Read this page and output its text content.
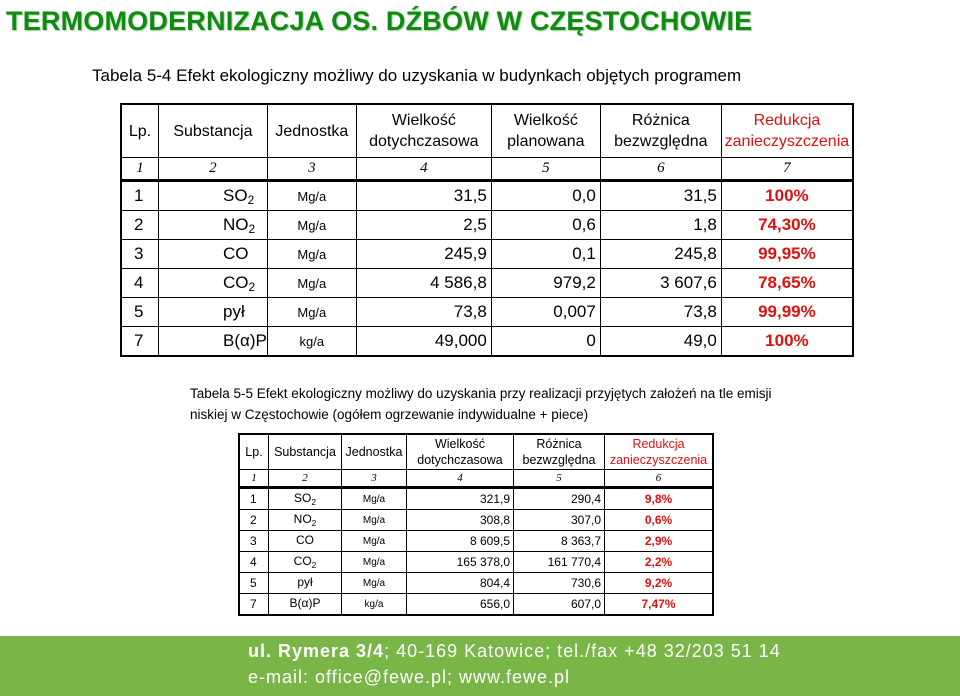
TERMOMODERNIZACJA OS. DŹBÓW W CZĘSTOCHOWIE
Tabela 5-4 Efekt ekologiczny możliwy do uzyskania w budynkach objętych programem
Lp.	Substancja	Jednostka	Wielkość dotychczasowa	Wielkość planowana	Różnica bezwzględna	Redukcja zanieczyszczenia
1	2	3	4	5	6	7
1	$SO_2$	Mg/a	31,5	0,0	31,5	100%
2	$NO_2$	Mg/a	2,5	0,6	1,8	74,30%
3	CO	Mg/a	245,9	0,1	245,8	99,95%
4	$CO_2$	Mg/a	4 586,8	979,2	3 607,6	78,65%
5	pył	Mg/a	73,8	0,007	73,8	99,99%
7	B(α)P	kg/a	49,000	0	49,0	100%
Tabela 5-5 Efekt ekologiczny możliwy do uzyskania przy realizacji przyjętych założeń na tle emisji niskiej w Częstochowie (ogółem ogrzewanie indywidualne + piece)
Lp.	Substancja	Jednostka	Wielkość dotychczasowa	Różnica bezwzględna	Redukcja zanieczyszczenia
1	2	3	4	5	6
1	$SO_2$	Mg/a	321,9	290,4	9,8%
2	$NO_2$	Mg/a	308,8	307,0	0,6%
3	CO	Mg/a	8 609,5	8 363,7	2,9%
4	$CO_2$	Mg/a	165 378,0	161 770,4	2,2%
5	pył	Mg/a	804,4	730,6	9,2%
7	B(α)P	kg/a	656,0	607,0	7,47%
ul. Rymera 3/4; 40-169 Katowice; tel./fax +48 32/203 51 14
e-mail: office@fewe.pl; www.fewe.pl
